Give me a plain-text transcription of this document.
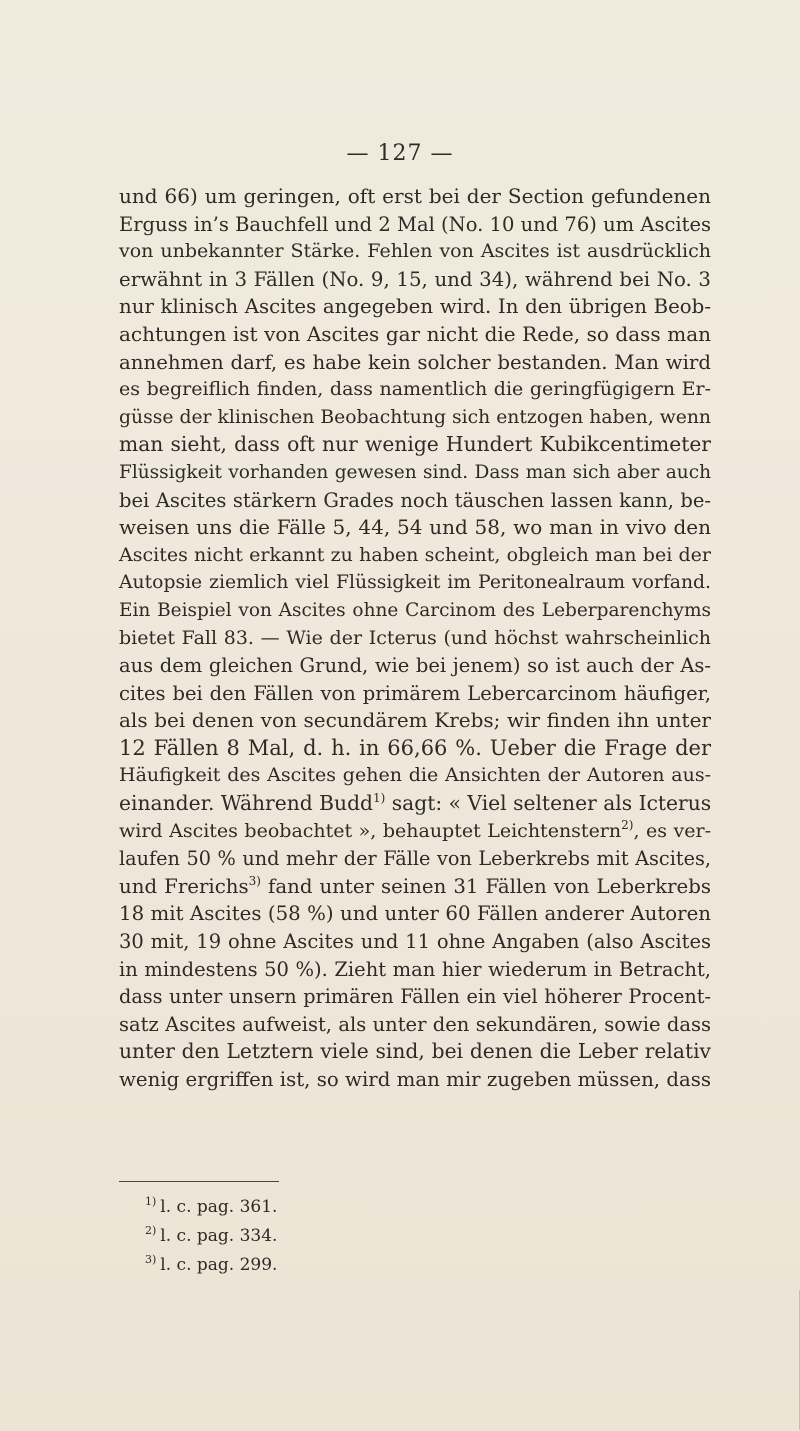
— 127 —
und 66) um geringen, oft erst bei der Section gefundenen
Erguss in’s Bauchfell und 2 Mal (No. 10 und 76) um Ascites
von unbekannter Stärke. Fehlen von Ascites ist ausdrücklich
erwähnt in 3 Fällen (No. 9, 15, und 34), während bei No. 3
nur klinisch Ascites angegeben wird. In den übrigen Beob-
achtungen ist von Ascites gar nicht die Rede, so dass man
annehmen darf, es habe kein solcher bestanden. Man wird
es begreiflich finden, dass namentlich die geringfügigern Er-
güsse der klinischen Beobachtung sich entzogen haben, wenn
man sieht, dass oft nur wenige Hundert Kubikcentimeter
Flüssigkeit vorhanden gewesen sind. Dass man sich aber auch
bei Ascites stärkern Grades noch täuschen lassen kann, be-
weisen uns die Fälle 5, 44, 54 und 58, wo man in vivo den
Ascites nicht erkannt zu haben scheint, obgleich man bei der
Autopsie ziemlich viel Flüssigkeit im Peritonealraum vorfand.
Ein Beispiel von Ascites ohne Carcinom des Leberparenchyms
bietet Fall 83. — Wie der Icterus (und höchst wahrscheinlich
aus dem gleichen Grund, wie bei jenem) so ist auch der As-
cites bei den Fällen von primärem Lebercarcinom häufiger,
als bei denen von secundärem Krebs; wir finden ihn unter
12 Fällen 8 Mal, d. h. in 66,66 %. Ueber die Frage der
Häufigkeit des Ascites gehen die Ansichten der Autoren aus-
einander. Während Budd$^{1)}$ sagt: « Viel seltener als Icterus
wird Ascites beobachtet », behauptet Leichtenstern$^{2)}$, es ver-
laufen 50 % und mehr der Fälle von Leberkrebs mit Ascites,
und Frerichs$^{3)}$ fand unter seinen 31 Fällen von Leberkrebs
18 mit Ascites (58 %) und unter 60 Fällen anderer Autoren
30 mit, 19 ohne Ascites und 11 ohne Angaben (also Ascites
in mindestens 50 %). Zieht man hier wiederum in Betracht,
dass unter unsern primären Fällen ein viel höherer Procent-
satz Ascites aufweist, als unter den sekundären, sowie dass
unter den Letztern viele sind, bei denen die Leber relativ
wenig ergriffen ist, so wird man mir zugeben müssen, dass
$^{1)}$ l. c. pag. 361.
$^{2)}$ l. c. pag. 334.
$^{3)}$ l. c. pag. 299.
